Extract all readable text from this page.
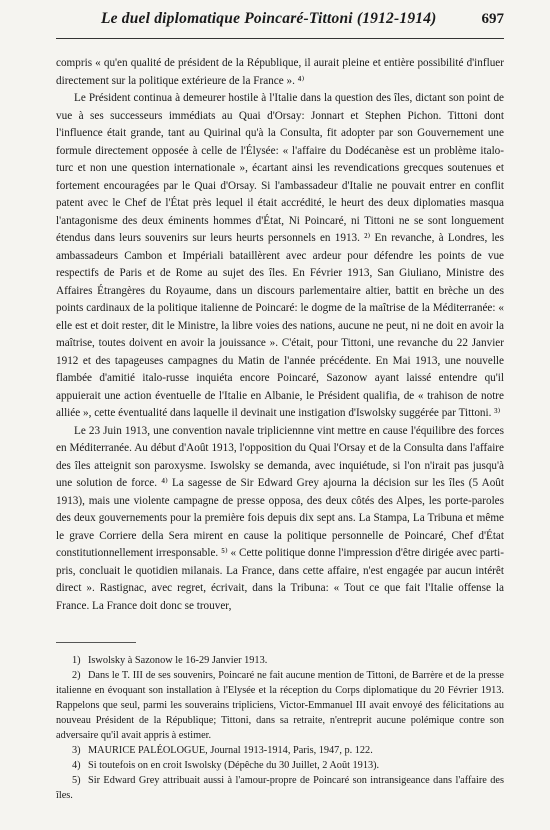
Le duel diplomatique Poincaré-Tittoni (1912-1914)	697

compris « qu'en qualité de président de la République, il aurait pleine et entière possibilité d'influer directement sur la politique extérieure de la France ». ⁴⁾

Le Président continua à demeurer hostile à l'Italie dans la question des îles, dictant son point de vue à ses successeurs immédiats au Quai d'Orsay: Jonnart et Stephen Pichon. Tittoni dont l'influence était grande, tant au Quirinal qu'à la Consulta, fit adopter par son Gouvernement une formule directement opposée à celle de l'Élysée: « l'affaire du Dodécanèse est un problème italo-turc et non une question internationale », écartant ainsi les revendications grecques soutenues et fortement encouragées par le Quai d'Orsay. Si l'ambassadeur d'Italie ne pouvait entrer en conflit patent avec le Chef de l'État près lequel il était accrédité, le heurt des deux diplomaties masqua l'antagonisme des deux éminents hommes d'État, Ni Poincaré, ni Tittoni ne se sont longuement étendus dans leurs souvenirs sur leurs heurts personnels en 1913. ²⁾ En revanche, à Londres, les ambassadeurs Cambon et Impériali bataillèrent avec ardeur pour défendre les points de vue respectifs de Paris et de Rome au sujet des îles. En Février 1913, San Giuliano, Ministre des Affaires Étrangères du Royaume, dans un discours parlementaire altier, battit en brèche un des points cardinaux de la politique italienne de Poincaré: le dogme de la maîtrise de la Méditerranée: « elle est et doit rester, dit le Ministre, la libre voies des nations, aucune ne peut, ni ne doit en avoir la maîtrise, toutes doivent en avoir la jouissance ». C'était, pour Tittoni, une revanche du 22 Janvier 1912 et des tapageuses campagnes du Matin de l'année précédente. En Mai 1913, une nouvelle flambée d'amitié italo-russe inquiéta encore Poincaré, Sazonow ayant laissé entendre qu'il appuierait une action éventuelle de l'Italie en Albanie, le Président qualifia, de « trahison de notre alliée », cette éventualité dans laquelle il devinait une instigation d'Iswolsky suggérée par Tittoni. ³⁾

Le 23 Juin 1913, une convention navale tripliciennne vint mettre en cause l'équilibre des forces en Méditerranée. Au début d'Août 1913, l'opposition du Quai l'Orsay et de la Consulta dans l'affaire des îles atteignit son paroxysme. Iswolsky se demanda, avec inquiétude, si l'on n'irait pas jusqu'à une solution de force. ⁴⁾ La sagesse de Sir Edward Grey ajourna la décision sur les îles (5 Août 1913), mais une violente campagne de presse opposa, des deux côtés des Alpes, les porte-paroles des deux gouvernements pour la première fois depuis dix sept ans. La Stampa, La Tribuna et même le grave Corriere della Sera mirent en cause la politique personnelle de Poincaré, Chef d'État constitutionnellement irresponsable. ⁵⁾ « Cette politique donne l'impression d'être dirigée avec parti-pris, concluait le quotidien milanais. La France, dans cette affaire, n'est engagée par aucun intérêt direct ». Rastignac, avec regret, écrivait, dans la Tribuna: « Tout ce que fait l'Italie offense la France. La France doit donc se trouver,

1) Iswolsky à Sazonow le 16-29 Janvier 1913.

2) Dans le T. III de ses souvenirs, Poincaré ne fait aucune mention de Tittoni, de Barrère et de la presse italienne en évoquant son installation à l'Elysée et la réception du Corps diplomatique du 20 Février 1913. Rappelons que seul, parmi les souverains tripliciens, Victor-Emmanuel III avait envoyé des félicitations au nouveau Président de la République; Tittoni, dans sa retraite, n'entreprit aucune polémique contre son adversaire qu'il avait appris à estimer.

3) MAURICE PALÉOLOGUE, Journal 1913-1914, Paris, 1947, p. 122.

4) Si toutefois on en croit Iswolsky (Dépêche du 30 Juillet, 2 Août 1913).

5) Sir Edward Grey attribuait aussi à l'amour-propre de Poincaré son intransigeance dans l'affaire des îles.
